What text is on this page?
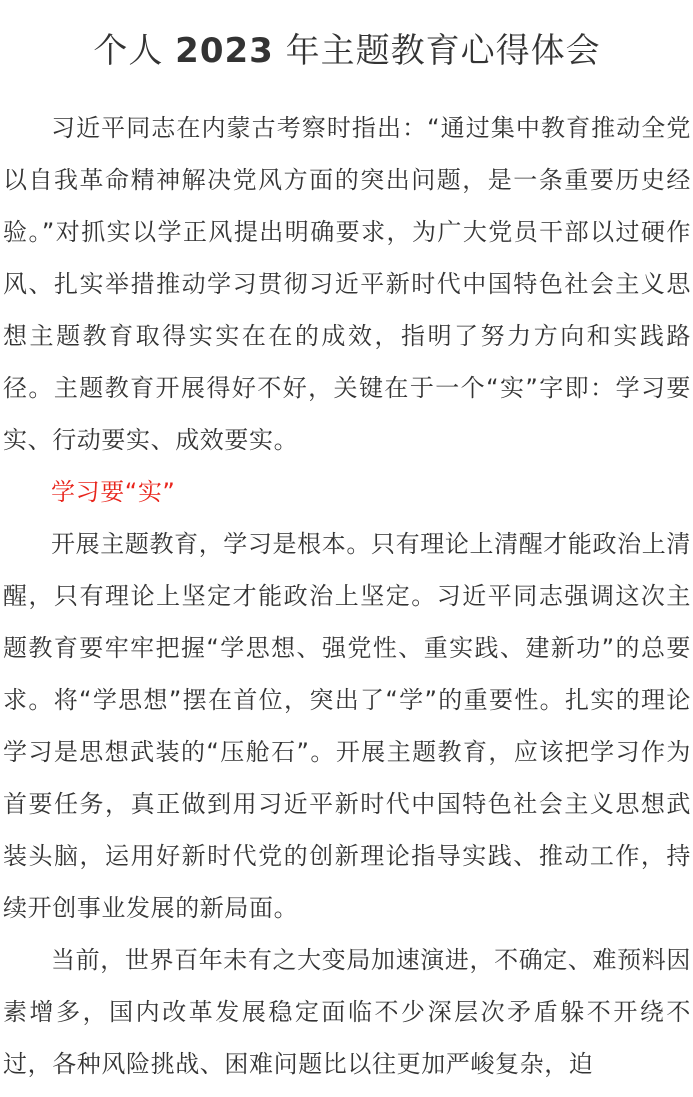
个人 2023 年主题教育心得体会

习近平同志在内蒙古考察时指出：“通过集中教育推动全党以自我革命精神解决党风方面的突出问题，是一条重要历史经验。”对抓实以学正风提出明确要求，为广大党员干部以过硬作风、扎实举措推动学习贯彻习近平新时代中国特色社会主义思想主题教育取得实实在在的成效，指明了努力方向和实践路径。主题教育开展得好不好，关键在于一个“实”字即：学习要实、行动要实、成效要实。

学习要“实”

开展主题教育，学习是根本。只有理论上清醒才能政治上清醒，只有理论上坚定才能政治上坚定。习近平同志强调这次主题教育要牢牢把握“学思想、强党性、重实践、建新功”的总要求。将“学思想”摆在首位，突出了“学”的重要性。扎实的理论学习是思想武装的“压舱石”。开展主题教育，应该把学习作为首要任务，真正做到用习近平新时代中国特色社会主义思想武装头脑，运用好新时代党的创新理论指导实践、推动工作，持续开创事业发展的新局面。

当前，世界百年未有之大变局加速演进，不确定、难预料因素增多，国内改革发展稳定面临不少深层次矛盾躲不开绕不过，各种风险挑战、困难问题比以往更加严峻复杂，迫
